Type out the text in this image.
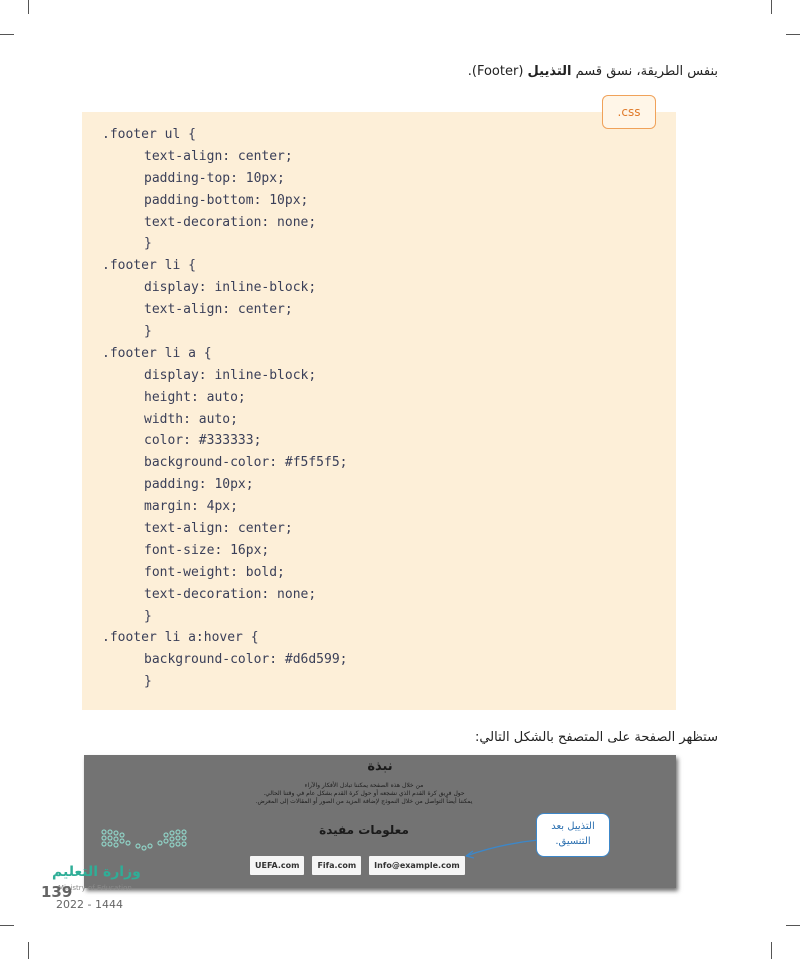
بنفس الطريقة، نسق قسم التذييل (Footer).
.css
.footer ul {
text-align: center;
padding-top: 10px;
padding-bottom: 10px;
text-decoration: none;
}
.footer li {
display: inline-block;
text-align: center;
}
.footer li a {
display: inline-block;
height: auto;
width: auto;
color: #333333;
background-color: #f5f5f5;
padding: 10px;
margin: 4px;
text-align: center;
font-size: 16px;
font-weight: bold;
text-decoration: none;
}
.footer li a:hover {
background-color: #d6d599;
}
ستظهر الصفحة على المتصفح بالشكل التالي:
نبذة
من خلال هذه الصفحة يمكننا تبادل الأفكار والآراء
حول فريق كرة القدم الذي نشجعه أو حول كرة القدم بشكل عام في وقتنا الحالي.
يمكننا أيضاً التواصل من خلال النموذج لإضافة المزيد من الصور أو المقالات إلى المعرض.
معلومات مفيدة
UEFA.com	Fifa.com	Info@example.com
التذييل بعد
التنسيق.
وزارة التعليم
Ministry of Education
139
2022 - 1444
